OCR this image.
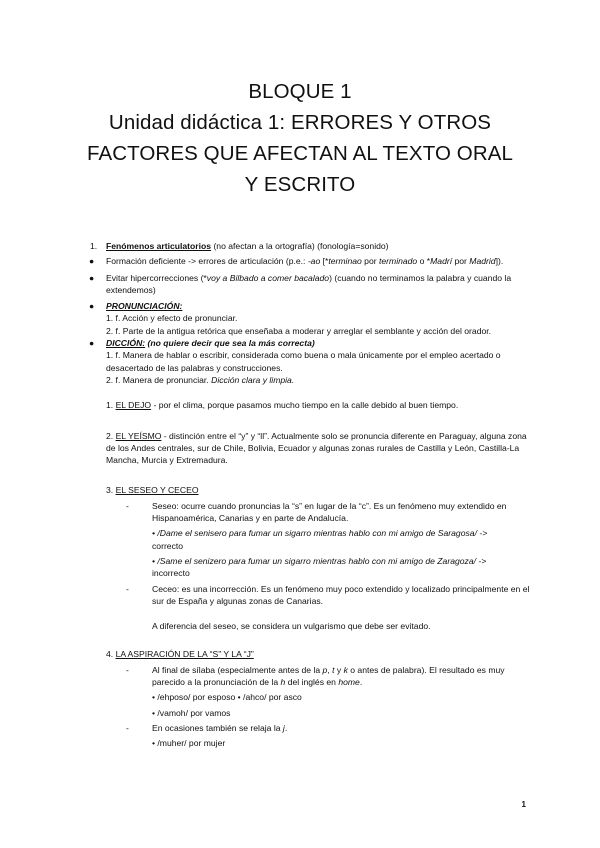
BLOQUE 1
Unidad didáctica 1: ERRORES Y OTROS
FACTORES QUE AFECTAN AL TEXTO ORAL
Y ESCRITO
1.	Fenómenos articulatorios (no afectan a la ortografía) (fonología=sonido)
●	Formación deficiente -> errores de articulación (p.e.: -ao [*terminao por terminado o *Madrí por Madrid]).
●	Evitar hipercorrecciones (*voy a Bilbado a comer bacalado) (cuando no terminamos la palabra y cuando la extendemos)
●	PRONUNCIACIÓN:
1. f. Acción y efecto de pronunciar.
2. f. Parte de la antigua retórica que enseñaba a moderar y arreglar el semblante y acción del orador.
●	DICCIÓN: (no quiere decir que sea la más correcta)
1. f. Manera de hablar o escribir, considerada como buena o mala únicamente por el empleo acertado o desacertado de las palabras y construcciones.
2. f. Manera de pronunciar. Dicción clara y limpia.
1. EL DEJO - por el clima, porque pasamos mucho tiempo en la calle debido al buen tiempo.
2. EL YEÍSMO - distinción entre el “y” y “ll”. Actualmente solo se pronuncia diferente en Paraguay, alguna zona de los Andes centrales, sur de Chile, Bolivia, Ecuador y algunas zonas rurales de Castilla y León, Castilla-La Mancha, Murcia y Extremadura.
3. EL SESEO Y CECEO
-	Seseo: ocurre cuando pronuncias la “s” en lugar de la “c”. Es un fenómeno muy extendido en Hispanoamérica, Canarias y en parte de Andalucía.
• /Dame el senisero para fumar un sigarro mientras hablo con mi amigo de Saragosa/ ->
correcto
• /Same el senizero para fumar un sigarro mientras hablo con mi amigo de Zaragoza/ ->
incorrecto
-	Ceceo: es una incorrección. Es un fenómeno muy poco extendido y localizado principalmente en el sur de España y algunas zonas de Canarias.
A diferencia del seseo, se considera un vulgarismo que debe ser evitado.
4. LA ASPIRACIÓN DE LA “S” Y LA “J”
-	Al final de sílaba (especialmente antes de la p, t y k o antes de palabra). El resultado es muy parecido a la pronunciación de la h del inglés en home.
• /ehposo/ por esposo • /ahco/ por asco
• /vamoh/ por vamos
-	En ocasiones también se relaja la j.
• /muher/ por mujer
1
